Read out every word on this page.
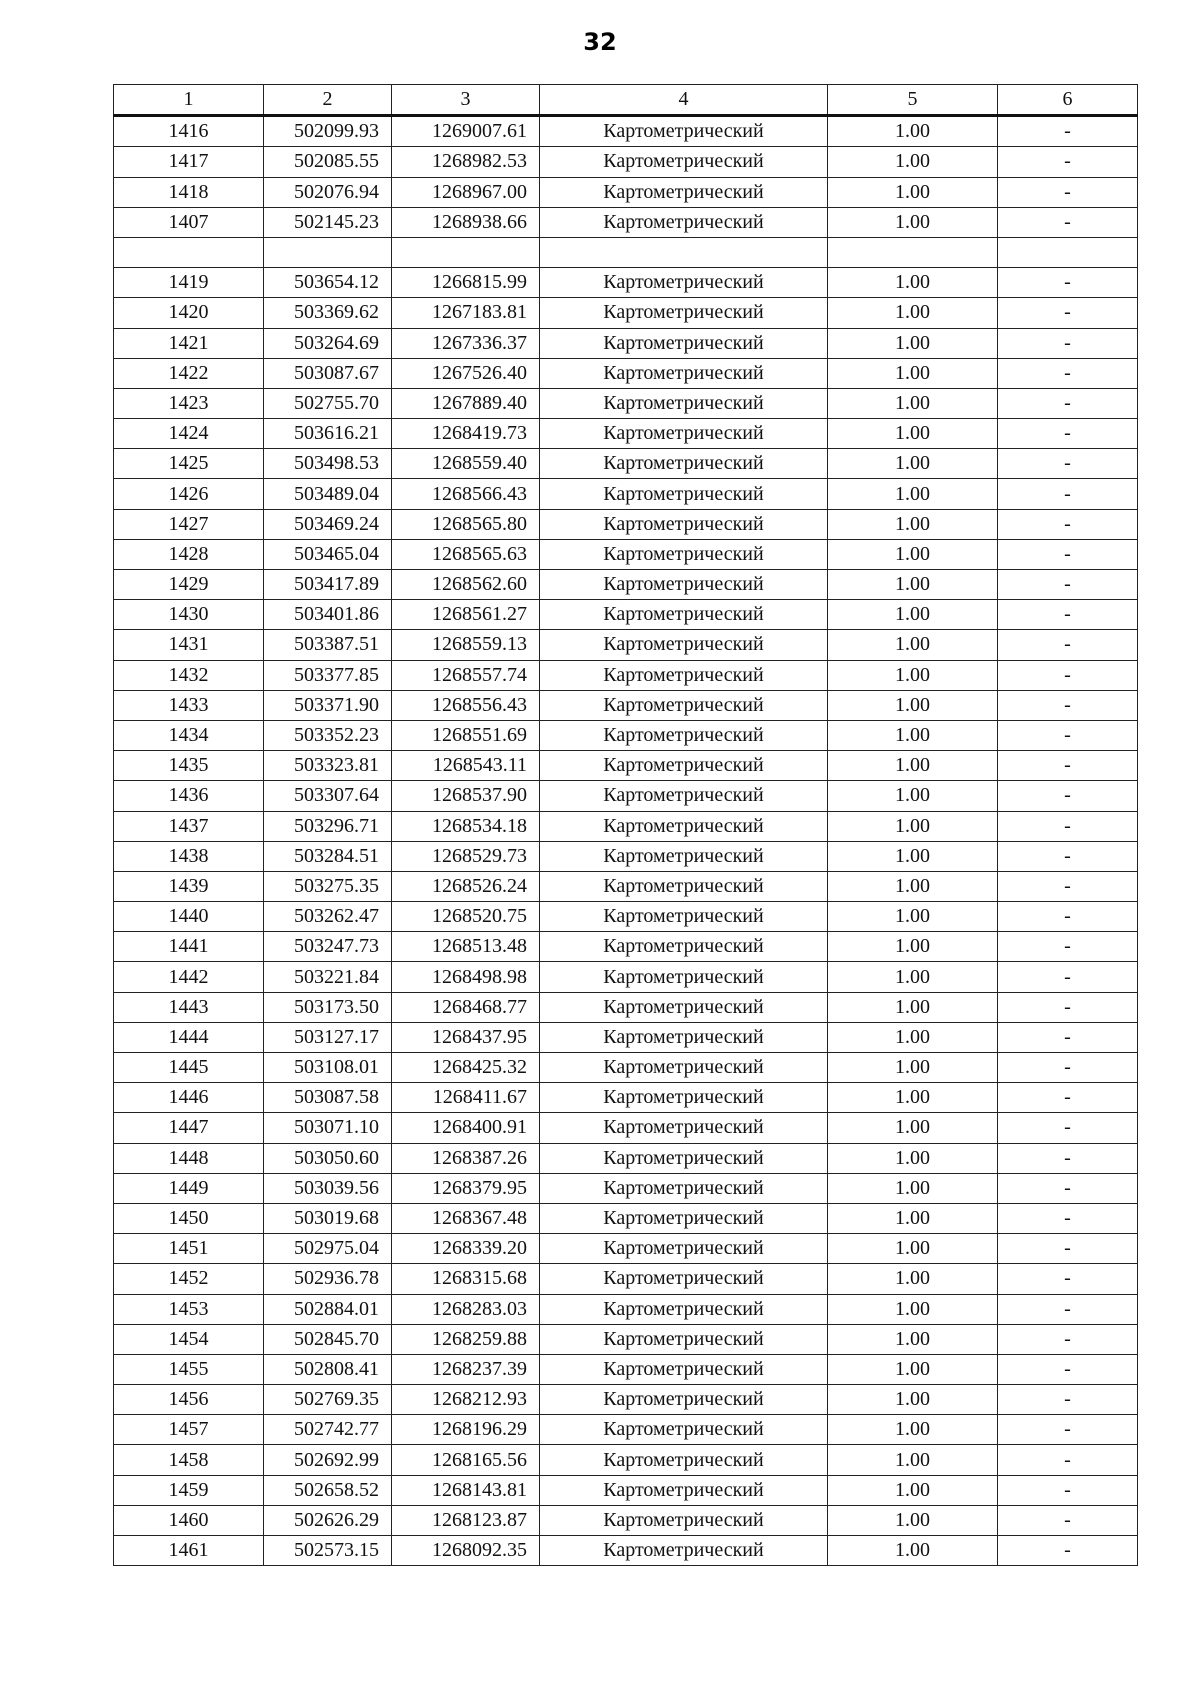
32
1	2	3	4	5	6
1416	502099.93	1269007.61	Картометрический	1.00	-
1417	502085.55	1268982.53	Картометрический	1.00	-
1418	502076.94	1268967.00	Картометрический	1.00	-
1407	502145.23	1268938.66	Картометрический	1.00	-

1419	503654.12	1266815.99	Картометрический	1.00	-
1420	503369.62	1267183.81	Картометрический	1.00	-
1421	503264.69	1267336.37	Картометрический	1.00	-
1422	503087.67	1267526.40	Картометрический	1.00	-
1423	502755.70	1267889.40	Картометрический	1.00	-
1424	503616.21	1268419.73	Картометрический	1.00	-
1425	503498.53	1268559.40	Картометрический	1.00	-
1426	503489.04	1268566.43	Картометрический	1.00	-
1427	503469.24	1268565.80	Картометрический	1.00	-
1428	503465.04	1268565.63	Картометрический	1.00	-
1429	503417.89	1268562.60	Картометрический	1.00	-
1430	503401.86	1268561.27	Картометрический	1.00	-
1431	503387.51	1268559.13	Картометрический	1.00	-
1432	503377.85	1268557.74	Картометрический	1.00	-
1433	503371.90	1268556.43	Картометрический	1.00	-
1434	503352.23	1268551.69	Картометрический	1.00	-
1435	503323.81	1268543.11	Картометрический	1.00	-
1436	503307.64	1268537.90	Картометрический	1.00	-
1437	503296.71	1268534.18	Картометрический	1.00	-
1438	503284.51	1268529.73	Картометрический	1.00	-
1439	503275.35	1268526.24	Картометрический	1.00	-
1440	503262.47	1268520.75	Картометрический	1.00	-
1441	503247.73	1268513.48	Картометрический	1.00	-
1442	503221.84	1268498.98	Картометрический	1.00	-
1443	503173.50	1268468.77	Картометрический	1.00	-
1444	503127.17	1268437.95	Картометрический	1.00	-
1445	503108.01	1268425.32	Картометрический	1.00	-
1446	503087.58	1268411.67	Картометрический	1.00	-
1447	503071.10	1268400.91	Картометрический	1.00	-
1448	503050.60	1268387.26	Картометрический	1.00	-
1449	503039.56	1268379.95	Картометрический	1.00	-
1450	503019.68	1268367.48	Картометрический	1.00	-
1451	502975.04	1268339.20	Картометрический	1.00	-
1452	502936.78	1268315.68	Картометрический	1.00	-
1453	502884.01	1268283.03	Картометрический	1.00	-
1454	502845.70	1268259.88	Картометрический	1.00	-
1455	502808.41	1268237.39	Картометрический	1.00	-
1456	502769.35	1268212.93	Картометрический	1.00	-
1457	502742.77	1268196.29	Картометрический	1.00	-
1458	502692.99	1268165.56	Картометрический	1.00	-
1459	502658.52	1268143.81	Картометрический	1.00	-
1460	502626.29	1268123.87	Картометрический	1.00	-
1461	502573.15	1268092.35	Картометрический	1.00	-
